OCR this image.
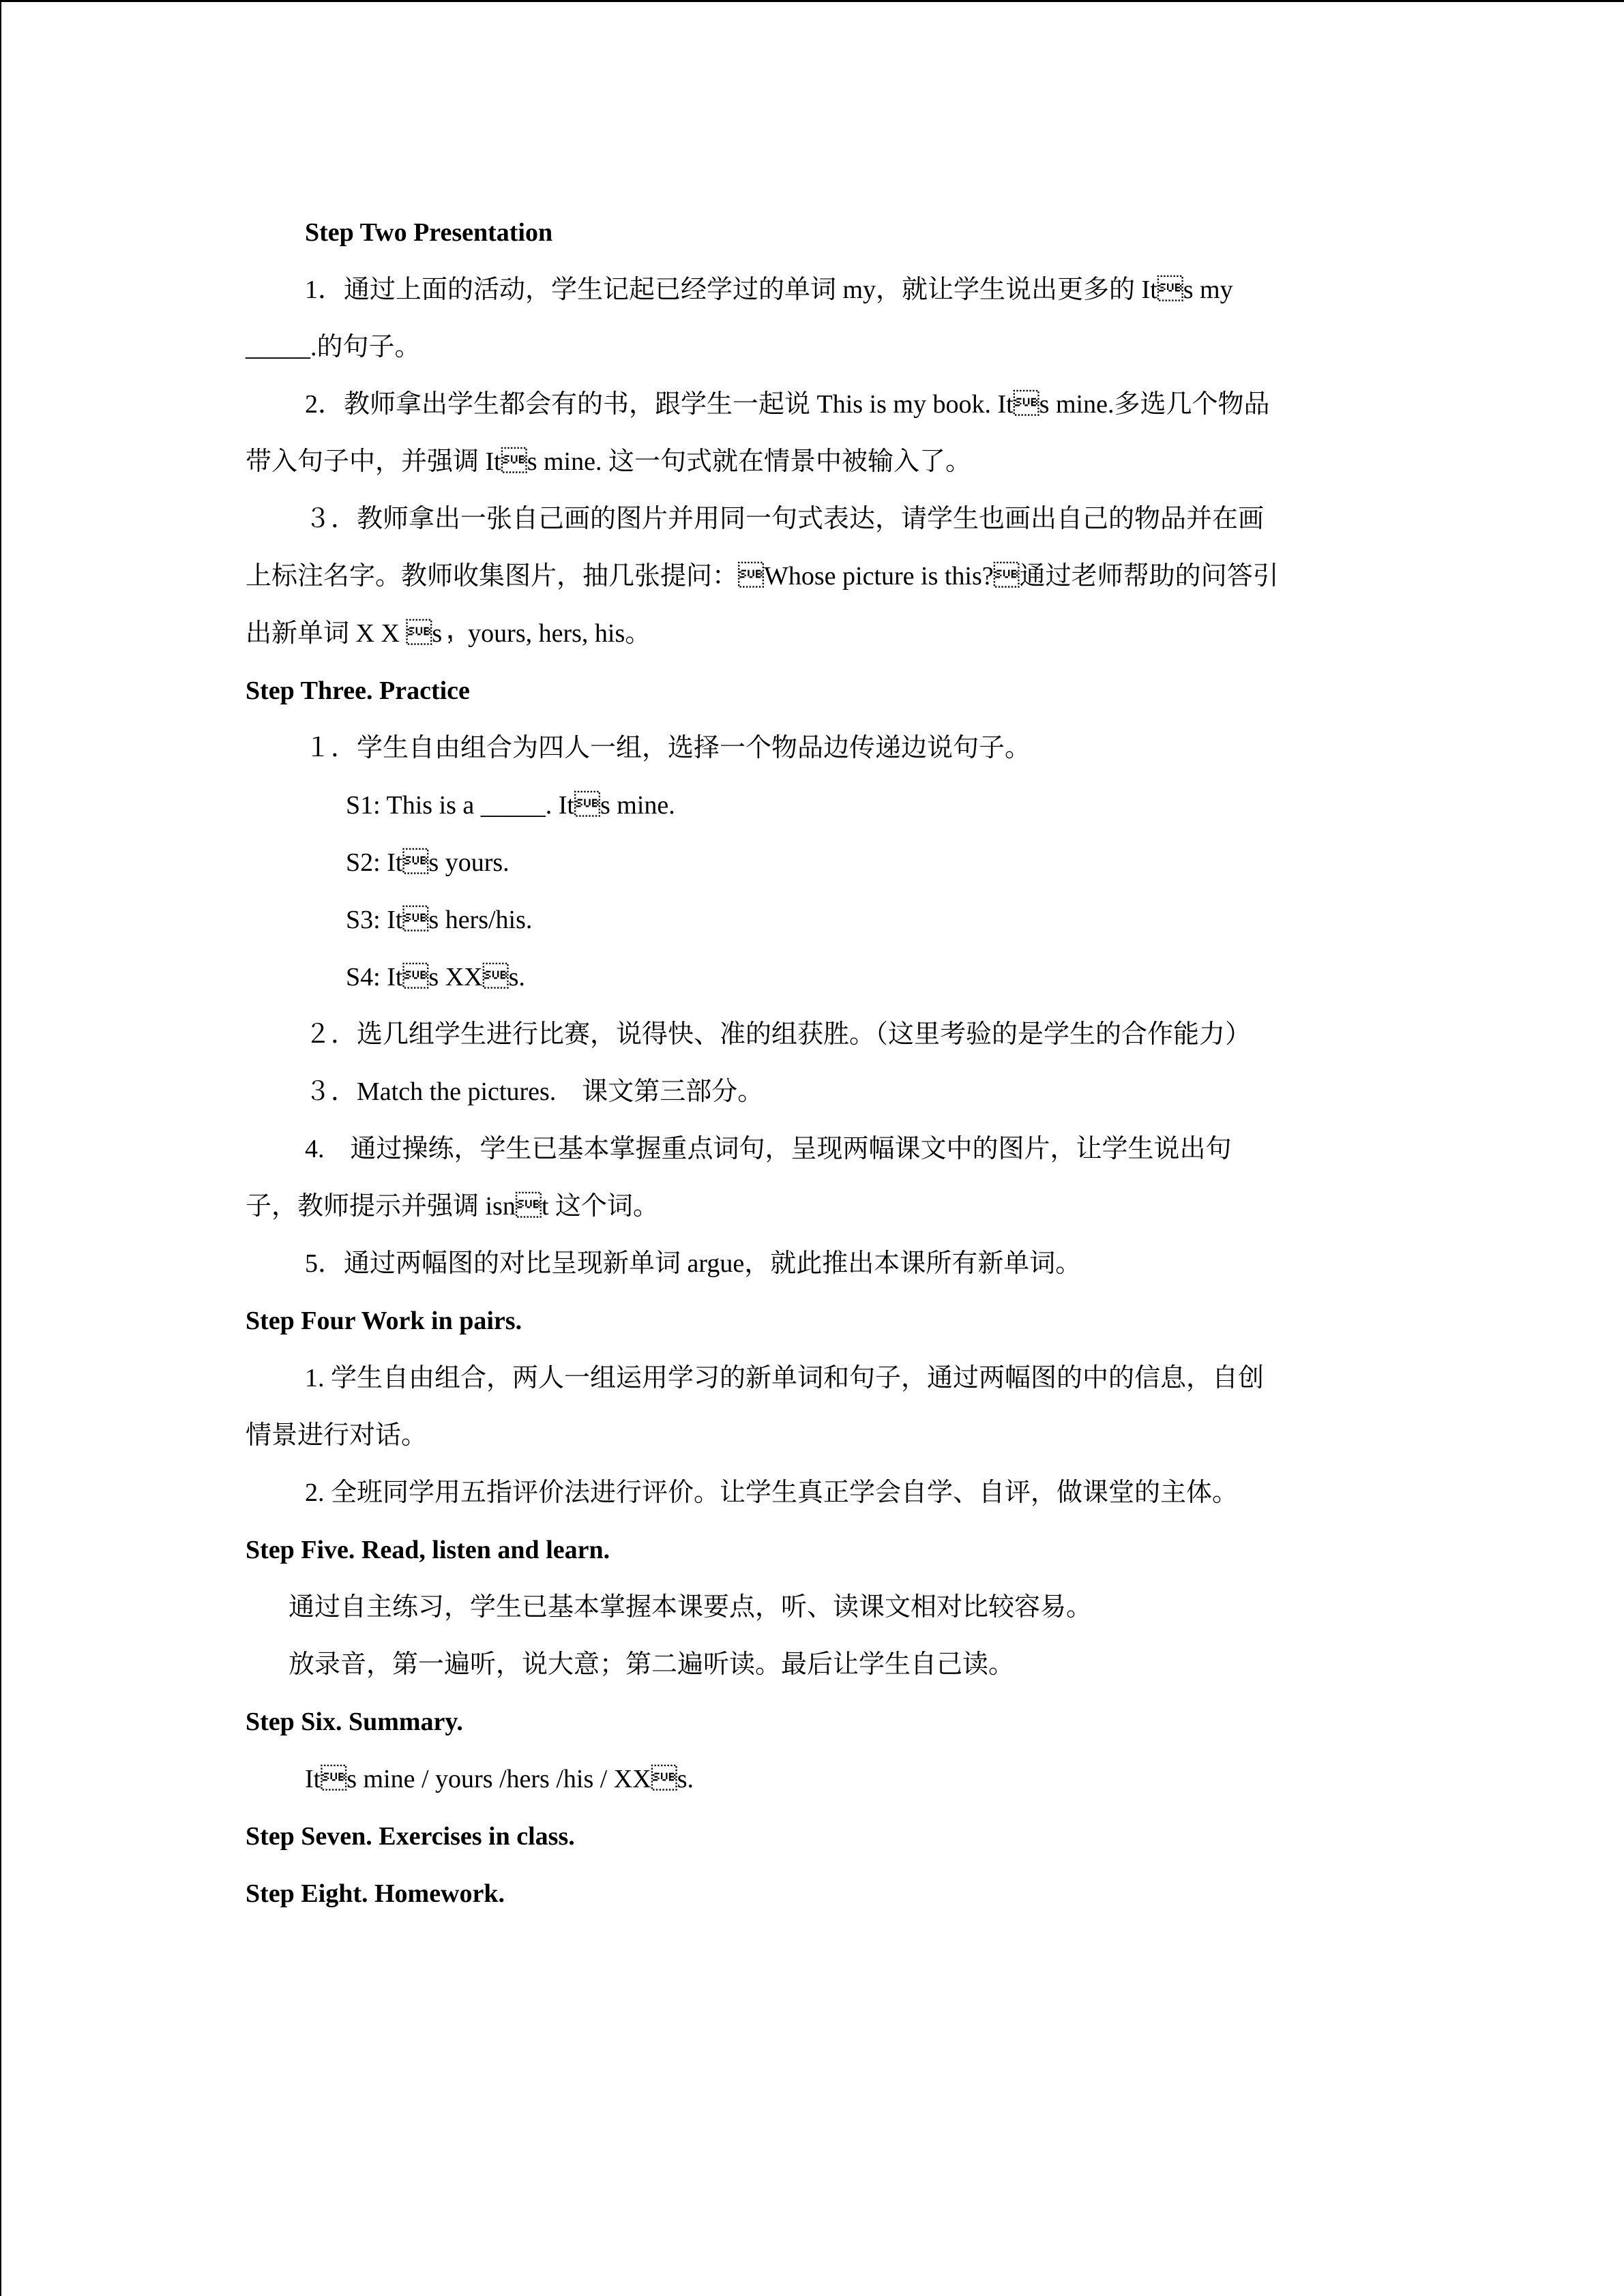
Step Two Presentation
1．通过上面的活动，学生记起已经学过的单词 my，就让学生说出更多的 Its my
_____.的句子。
2．教师拿出学生都会有的书，跟学生一起说 This is my book. Its mine.多选几个物品
带入句子中，并强调 Its mine. 这一句式就在情景中被输入了。
３．教师拿出一张自己画的图片并用同一句式表达，请学生也画出自己的物品并在画
上标注名字。教师收集图片，抽几张提问：Whose picture is this?通过老师帮助的问答引
出新单词 X X s，yours, hers, his。
Step Three. Practice
１．学生自由组合为四人一组，选择一个物品边传递边说句子。
S1: This is a _____. Its mine.
S2: Its yours.
S3: Its hers/his.
S4: Its XXs.
２．选几组学生进行比赛，说得快、准的组获胜。（这里考验的是学生的合作能力）
３．Match the pictures.　课文第三部分。
4.　通过操练，学生已基本掌握重点词句，呈现两幅课文中的图片，让学生说出句
子，教师提示并强调 isnt 这个词。
5．通过两幅图的对比呈现新单词 argue，就此推出本课所有新单词。
Step Four Work in pairs.
1. 学生自由组合，两人一组运用学习的新单词和句子，通过两幅图的中的信息，自创
情景进行对话。
2. 全班同学用五指评价法进行评价。让学生真正学会自学、自评，做课堂的主体。
Step Five. Read, listen and learn.
通过自主练习，学生已基本掌握本课要点，听、读课文相对比较容易。
放录音，第一遍听，说大意；第二遍听读。最后让学生自己读。
Step Six. Summary.
Its mine / yours /hers /his / XXs.
Step Seven. Exercises in class.
Step Eight. Homework.
